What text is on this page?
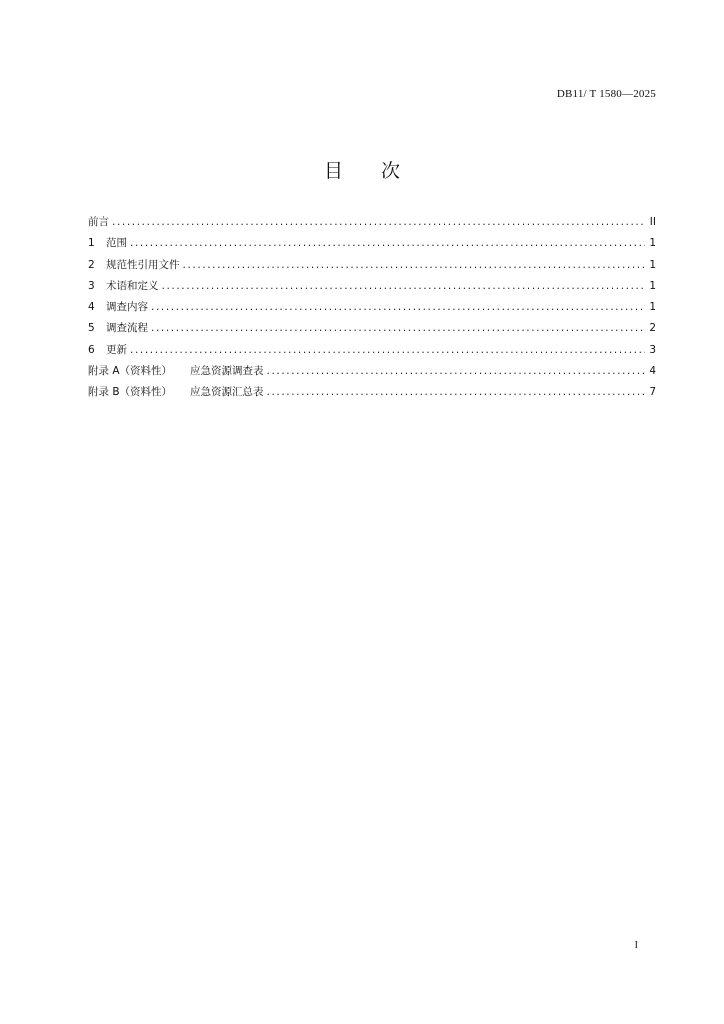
DB11/ T 1580—2025
目 次
前言 .....	II
1	范围 .....	1
2	规范性引用文件 .....	1
3	术语和定义 .....	1
4	调查内容 .....	1
5	调查流程 .....	2
6	更新 .....	3
附录 A（资料性） 应急资源调查表 .....	4
附录 B（资料性） 应急资源汇总表 .....	7
I
